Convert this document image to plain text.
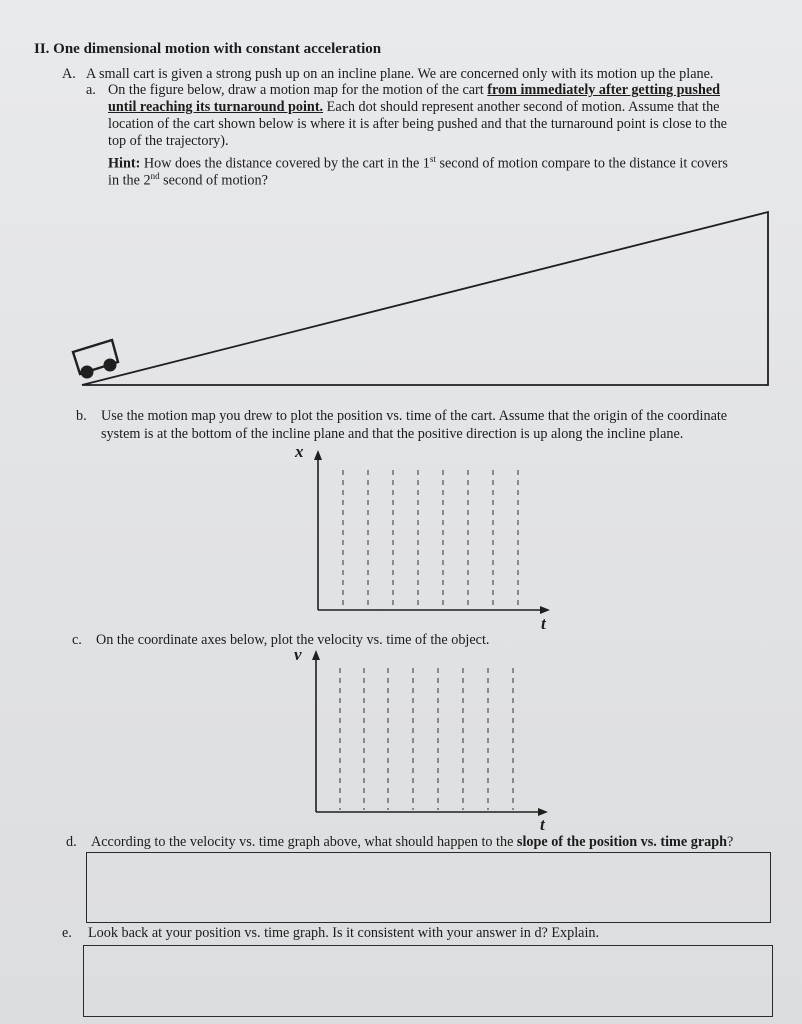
II. One dimensional motion with constant acceleration
A. A small cart is given a strong push up on an incline plane. We are concerned only with its motion up the plane.
a. On the figure below, draw a motion map for the motion of the cart from immediately after getting pushed
until reaching its turnaround point. Each dot should represent another second of motion. Assume that the
location of the cart shown below is where it is after being pushed and that the turnaround point is close to the
top of the trajectory).
Hint: How does the distance covered by the cart in the 1st second of motion compare to the distance it covers
in the 2nd second of motion?
b. Use the motion map you drew to plot the position vs. time of the cart. Assume that the origin of the coordinate
system is at the bottom of the incline plane and that the positive direction is up along the incline plane.
x
t
c. On the coordinate axes below, plot the velocity vs. time of the object.
v
t
d. According to the velocity vs. time graph above, what should happen to the slope of the position vs. time graph?
e. Look back at your position vs. time graph. Is it consistent with your answer in d? Explain.
